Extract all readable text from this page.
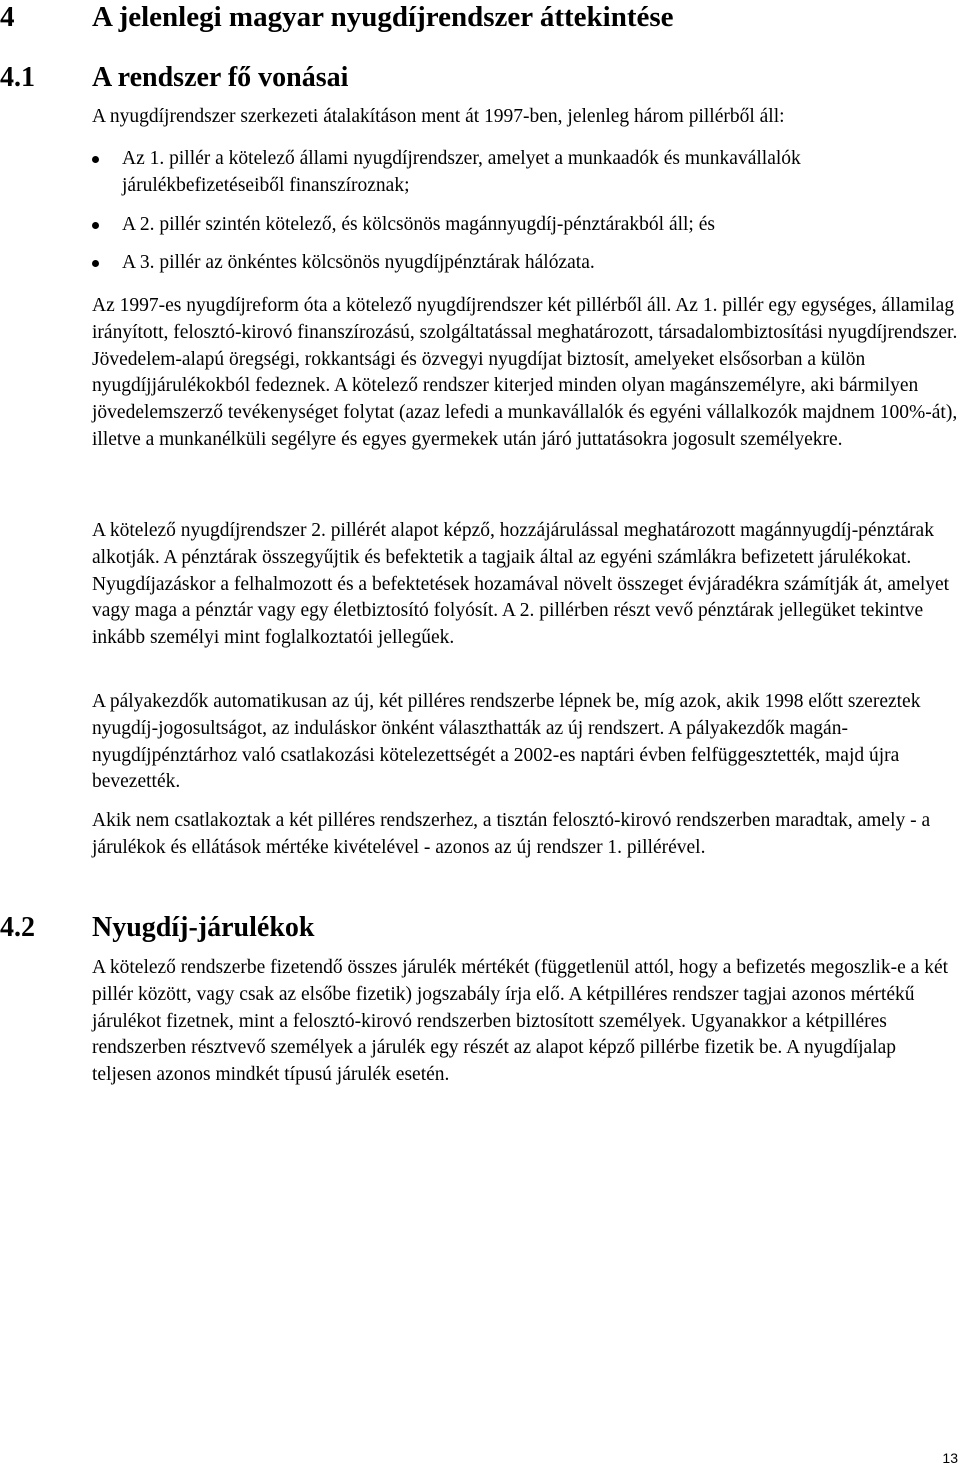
4	A jelenlegi magyar nyugdíjrendszer áttekintése
4.1 A rendszer fő vonásai

A nyugdíjrendszer szerkezeti átalakításon ment át 1997-ben, jelenleg három pillérből áll:

Az 1. pillér a kötelező állami nyugdíjrendszer, amelyet a munkaadók és munkavállalók járulékbefizetéseiből finanszíroznak;
A 2. pillér szintén kötelező, és kölcsönös magánnyugdíj-pénztárakból áll; és
A 3. pillér az önkéntes kölcsönös nyugdíjpénztárak hálózata.

Az 1997-es nyugdíjreform óta a kötelező nyugdíjrendszer két pillérből áll. Az 1. pillér egy egységes, államilag irányított, felosztó-kirovó finanszírozású, szolgáltatással meghatározott, társadalombiztosítási nyugdíjrendszer. Jövedelem-alapú öregségi, rokkantsági és özvegyi nyugdíjat biztosít, amelyeket elsősorban a külön nyugdíjjárulékokból fedeznek. A kötelező rendszer kiterjed minden olyan magánszemélyre, aki bármilyen jövedelemszerző tevékenységet folytat (azaz lefedi a munkavállalók és egyéni vállalkozók majdnem 100%-át), illetve a munkanélküli segélyre és egyes gyermekek után járó juttatásokra jogosult személyekre.

A kötelező nyugdíjrendszer 2. pillérét alapot képző, hozzájárulással meghatározott magánnyugdíj-pénztárak alkotják. A pénztárak összegyűjtik és befektetik a tagjaik által az egyéni számlákra befizetett járulékokat. Nyugdíjazáskor a felhalmozott és a befektetések hozamával növelt összeget évjáradékra számítják át, amelyet vagy maga a pénztár vagy egy életbiztosító folyósít. A 2. pillérben részt vevő pénztárak jellegüket tekintve inkább személyi mint foglalkoztatói jellegűek.

A pályakezdők automatikusan az új, két pilléres rendszerbe lépnek be, míg azok, akik 1998 előtt szereztek nyugdíj-jogosultságot, az induláskor önként választhatták az új rendszert. A pályakezdők magán-nyugdíjpénztárhoz való csatlakozási kötelezettségét a 2002-es naptári évben felfüggesztették, majd újra bevezették.

Akik nem csatlakoztak a két pilléres rendszerhez, a tisztán felosztó-kirovó rendszerben maradtak, amely - a járulékok és ellátások mértéke kivételével - azonos az új rendszer 1. pillérével.

4.2 Nyugdíj-járulékok

A kötelező rendszerbe fizetendő összes járulék mértékét (függetlenül attól, hogy a befizetés megoszlik-e a két pillér között, vagy csak az elsőbe fizetik) jogszabály írja elő. A kétpilléres rendszer tagjai azonos mértékű járulékot fizetnek, mint a felosztó-kirovó rendszerben biztosított személyek. Ugyanakkor a kétpilléres rendszerben résztvevő személyek a járulék egy részét az alapot képző pillérbe fizetik be. A nyugdíjalap teljesen azonos mindkét típusú járulék esetén.

13
